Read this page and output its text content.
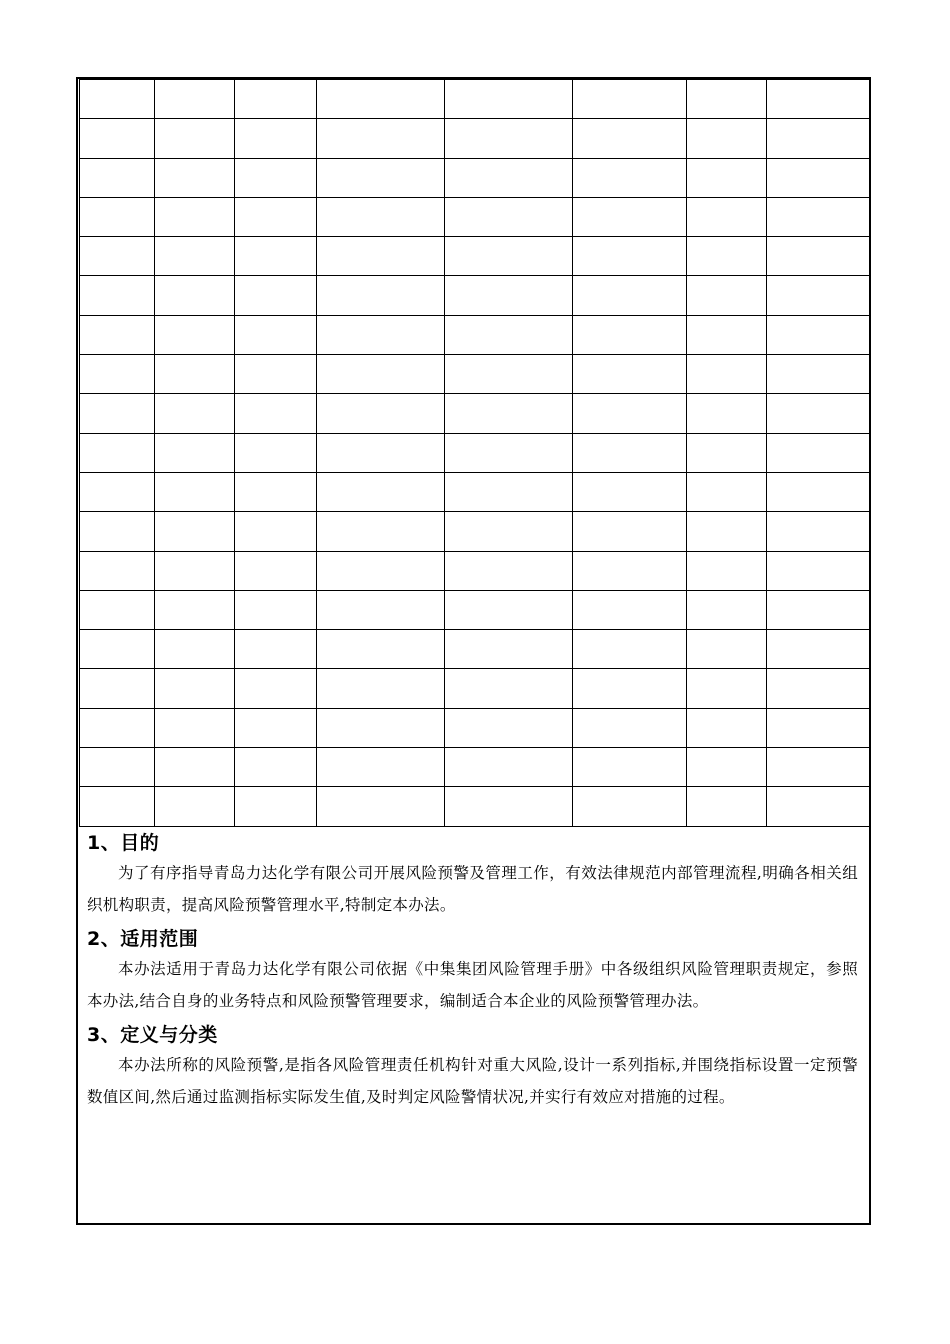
1、目的

为了有序指导青岛力达化学有限公司开展风险预警及管理工作，有效法律规范内部管理流程,明确各相关组织机构职责，提高风险预警管理水平,特制定本办法。

2、适用范围

本办法适用于青岛力达化学有限公司依据《中集集团风险管理手册》中各级组织风险管理职责规定，参照本办法,结合自身的业务特点和风险预警管理要求，编制适合本企业的风险预警管理办法。

3、定义与分类

本办法所称的风险预警,是指各风险管理责任机构针对重大风险,设计一系列指标,并围绕指标设置一定预警数值区间,然后通过监测指标实际发生值,及时判定风险警情状况,并实行有效应对措施的过程。
